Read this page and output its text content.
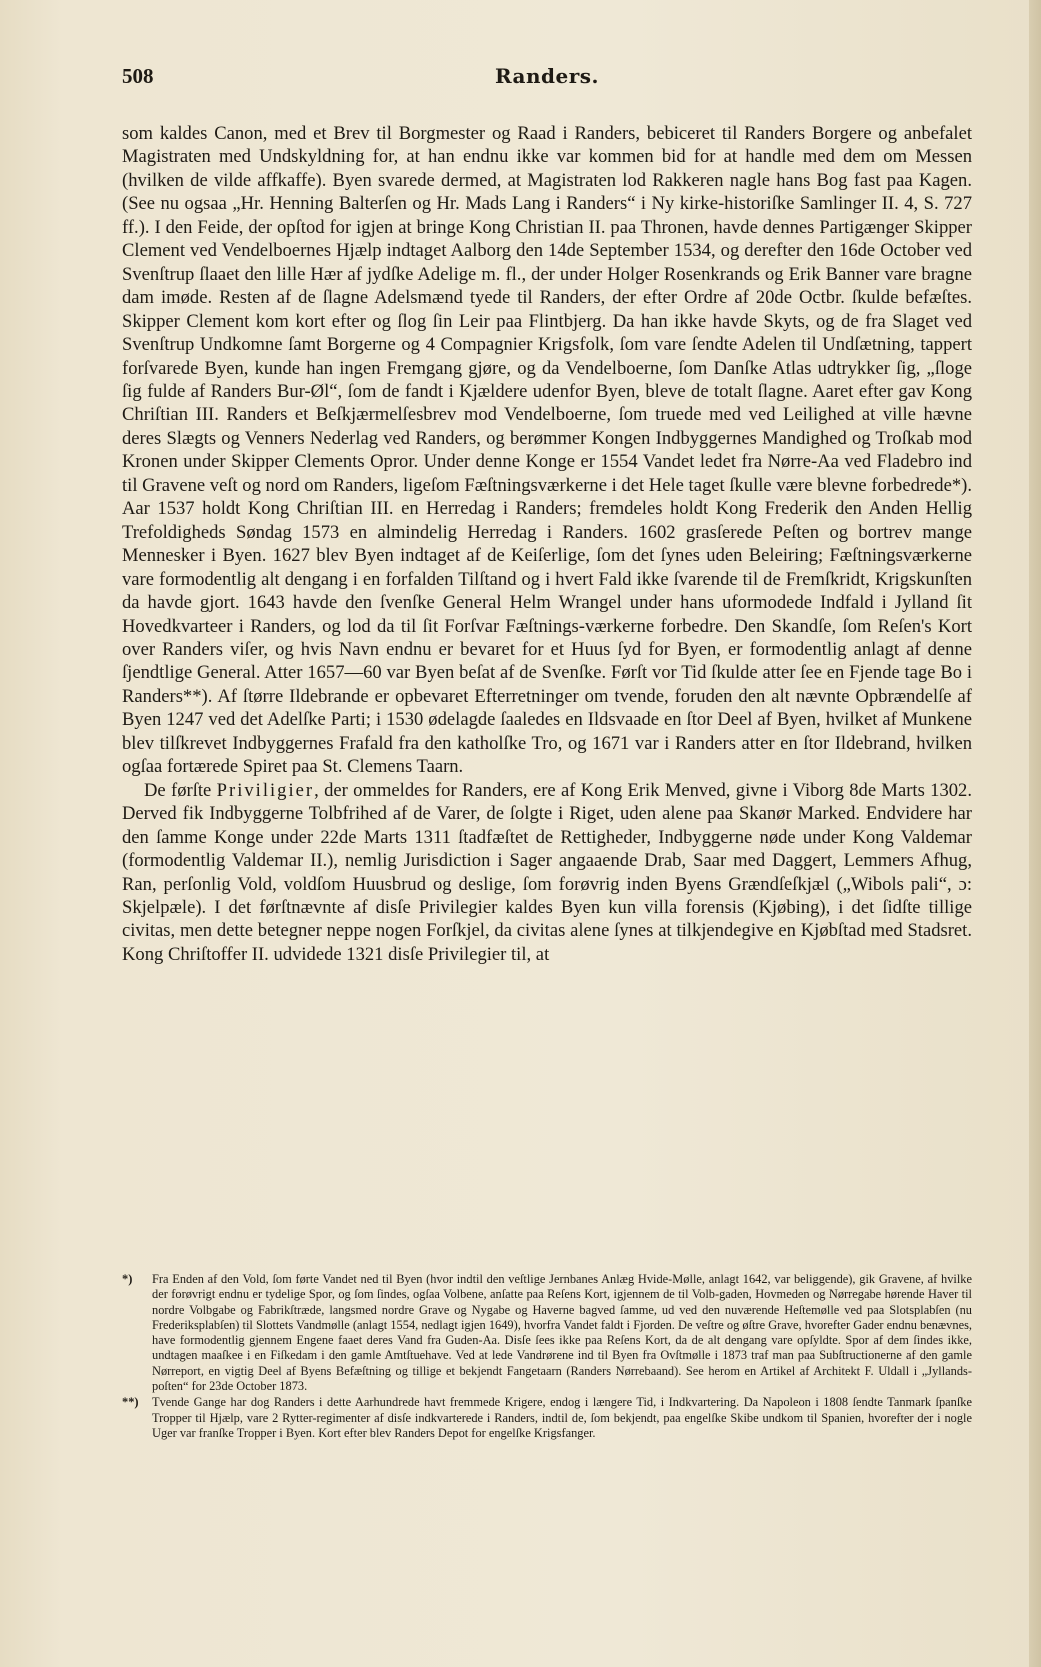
508	Randers.

som kaldes Canon, med et Brev til Borgmester og Raad i Randers, bebiceret til Randers Borgere og anbefalet Magistraten med Undskyldning for, at han endnu ikke var kommen bid for at handle med dem om Messen (hvilken de vilde affkaffe). Byen svarede dermed, at Magistraten lod Rakkeren nagle hans Bog fast paa Kagen. (See nu ogsaa „Hr. Henning Balterſen og Hr. Mads Lang i Randers“ i Ny kirke-historiſke Samlinger II. 4, S. 727 ff.). I den Feide, der opſtod for igjen at bringe Kong Christian II. paa Thronen, havde dennes Partigænger Skipper Clement ved Vendelboernes Hjælp indtaget Aalborg den 14de September 1534, og derefter den 16de October ved Svenſtrup ſlaaet den lille Hær af jydſke Adelige m. fl., der under Holger Rosenkrands og Erik Banner vare bragne dam imøde. Resten af de ſlagne Adelsmænd tyede til Randers, der efter Ordre af 20de Octbr. ſkulde befæſtes. Skipper Clement kom kort efter og ſlog ſin Leir paa Flintbjerg. Da han ikke havde Skyts, og de fra Slaget ved Svenſtrup Undkomne ſamt Borgerne og 4 Compagnier Krigsfolk, ſom vare ſendte Adelen til Undſætning, tappert forſvarede Byen, kunde han ingen Fremgang gjøre, og da Vendelboerne, ſom Danſke Atlas udtrykker ſig, „ſloge ſig fulde af Randers Bur-Øl“, ſom de fandt i Kjældere udenfor Byen, bleve de totalt ſlagne. Aaret efter gav Kong Chriſtian III. Randers et Beſkjærmelſesbrev mod Vendelboerne, ſom truede med ved Leilighed at ville hævne deres Slægts og Venners Nederlag ved Randers, og berømmer Kongen Indbyggernes Mandighed og Troſkab mod Kronen under Skipper Clements Opror. Under denne Konge er 1554 Vandet ledet fra Nørre-Aa ved Fladebro ind til Gravene veſt og nord om Randers, ligeſom Fæſtningsværkerne i det Hele taget ſkulle være blevne forbedrede*). Aar 1537 holdt Kong Chriſtian III. en Herredag i Randers; fremdeles holdt Kong Frederik den Anden Hellig Trefoldigheds Søndag 1573 en almindelig Herredag i Randers. 1602 grasſerede Peſten og bortrev mange Mennesker i Byen. 1627 blev Byen indtaget af de Keiſerlige, ſom det ſynes uden Beleiring; Fæſtningsværkerne vare formodentlig alt dengang i en forfalden Tilſtand og i hvert Fald ikke ſvarende til de Fremſkridt, Krigskunſten da havde gjort. 1643 havde den ſvenſke General Helm Wrangel under hans uformodede Indfald i Jylland ſit Hovedkvarteer i Randers, og lod da til ſit Forſvar Fæſtnings-værkerne forbedre. Den Skandſe, ſom Reſen's Kort over Randers viſer, og hvis Navn endnu er bevaret for et Huus ſyd for Byen, er formodentlig anlagt af denne ſjendtlige General. Atter 1657—60 var Byen beſat af de Svenſke. Førſt vor Tid ſkulde atter ſee en Fjende tage Bo i Randers**). Af ſtørre Ildebrande er opbevaret Efterretninger om tvende, foruden den alt nævnte Opbrændelſe af Byen 1247 ved det Adelſke Parti; i 1530 ødelagde ſaaledes en Ildsvaade en ſtor Deel af Byen, hvilket af Munkene blev tilſkrevet Indbyggernes Frafald fra den katholſke Tro, og 1671 var i Randers atter en ſtor Ildebrand, hvilken ogſaa fortærede Spiret paa St. Clemens Taarn.

De førſte Priviligier, der ommeldes for Randers, ere af Kong Erik Menved, givne i Viborg 8de Marts 1302. Derved fik Indbyggerne Tolbfrihed af de Varer, de ſolgte i Riget, uden alene paa Skanør Marked. Endvidere har den ſamme Konge under 22de Marts 1311 ſtadfæſtet de Rettigheder, Indbyggerne nøde under Kong Valdemar (formodentlig Valdemar II.), nemlig Jurisdiction i Sager angaaende Drab, Saar med Daggert, Lemmers Afhug, Ran, perſonlig Vold, voldſom Huusbrud og deslige, ſom forøvrig inden Byens Grændſeſkjæl („Wibols pali“, ɔ: Skjelpæle). I det førſtnævnte af disſe Privilegier kaldes Byen kun villa forensis (Kjøbing), i det ſidſte tillige civitas, men dette betegner neppe nogen Forſkjel, da civitas alene ſynes at tilkjendegive en Kjøbſtad med Stadsret. Kong Chriſtoffer II. udvidede 1321 disſe Privilegier til, at

*)	Fra Enden af den Vold, ſom førte Vandet ned til Byen (hvor indtil den veſtlige Jernbanes Anlæg Hvide-Mølle, anlagt 1642, var beliggende), gik Gravene, af hvilke der forøvrigt endnu er tydelige Spor, og ſom ſindes, ogſaa Volbene, anſatte paa Reſens Kort, igjennem de til Volb-gaden, Hovmeden og Nørregabe hørende Haver til nordre Volbgabe og Fabrikſtræde, langsmed nordre Grave og Nygabe og Haverne bagved ſamme, ud ved den nuværende Heſtemølle ved paa Slotsplabſen (nu Frederiksplabſen) til Slottets Vandmølle (anlagt 1554, nedlagt igjen 1649), hvorfra Vandet faldt i Fjorden. De veſtre og øſtre Grave, hvorefter Gader endnu benævnes, have formodentlig gjennem Engene faaet deres Vand fra Guden-Aa. Disſe ſees ikke paa Reſens Kort, da de alt dengang vare opſyldte. Spor af dem ſindes ikke, undtagen maaſkee i en Fiſkedam i den gamle Amtſtuehave. Ved at lede Vandrørene ind til Byen fra Ovſtmølle i 1873 traf man paa Subſtructionerne af den gamle Nørreport, en vigtig Deel af Byens Befæſtning og tillige et bekjendt Fangetaarn (Randers Nørrebaand). See herom en Artikel af Architekt F. Uldall i „Jyllands-poſten“ for 23de October 1873.
**)	Tvende Gange har dog Randers i dette Aarhundrede havt fremmede Krigere, endog i længere Tid, i Indkvartering. Da Napoleon i 1808 ſendte Tanmark ſpanſke Tropper til Hjælp, vare 2 Rytter-regimenter af disſe indkvarterede i Randers, indtil de, ſom bekjendt, paa engelſke Skibe undkom til Spanien, hvorefter der i nogle Uger var franſke Tropper i Byen. Kort efter blev Randers Depot for engelſke Krigsfanger.
